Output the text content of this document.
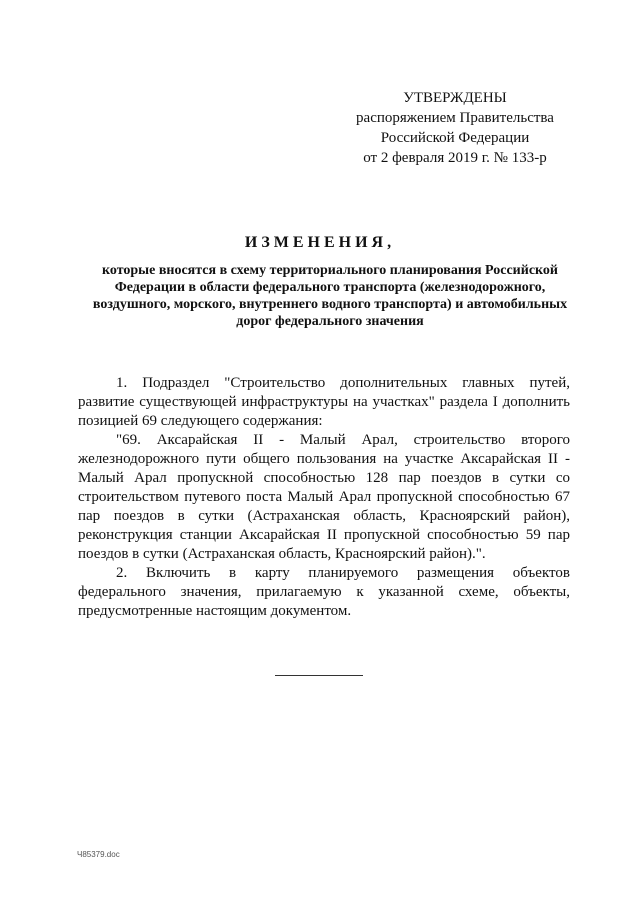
УТВЕРЖДЕНЫ
распоряжением Правительства
Российской Федерации
от 2 февраля 2019 г. № 133-р
ИЗМЕНЕНИЯ,
которые вносятся в схему территориального планирования Российской Федерации в области федерального транспорта (железнодорожного, воздушного, морского, внутреннего водного транспорта) и автомобильных дорог федерального значения

1. Подраздел "Строительство дополнительных главных путей, развитие существующей инфраструктуры на участках" раздела I дополнить позицией 69 следующего содержания:

"69. Аксарайская II - Малый Арал, строительство второго железнодорожного пути общего пользования на участке Аксарайская II - Малый Арал пропускной способностью 128 пар поездов в сутки со строительством путевого поста Малый Арал пропускной способностью 67 пар поездов в сутки (Астраханская область, Красноярский район), реконструкция станции Аксарайская II пропускной способностью 59 пар поездов в сутки (Астраханская область, Красноярский район).".

2. Включить в карту планируемого размещения объектов федерального значения, прилагаемую к указанной схеме, объекты, предусмотренные настоящим документом.

Ч85379.doc
